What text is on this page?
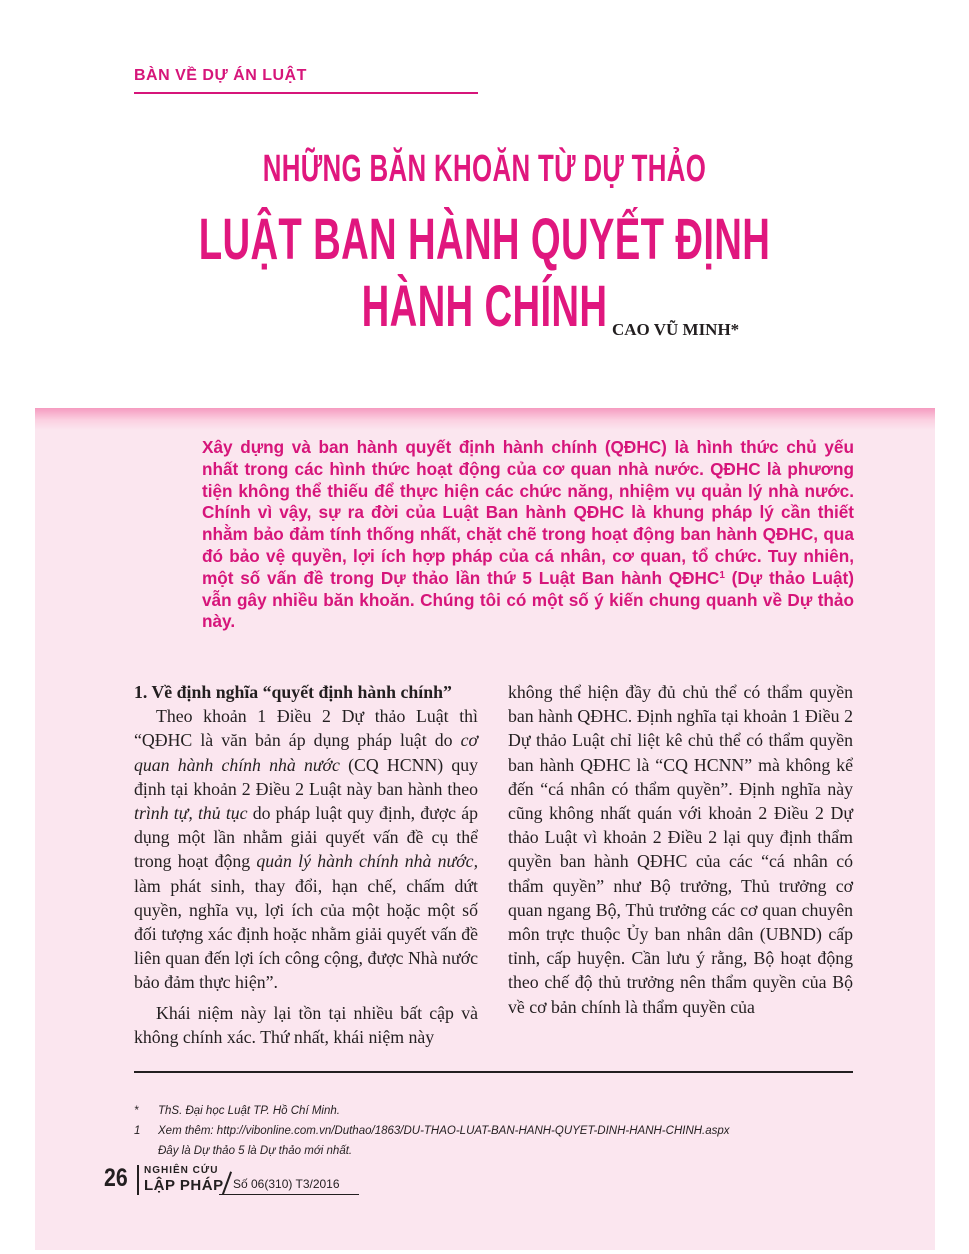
BÀN VỀ DỰ ÁN LUẬT
NHỮNG BĂN KHOĂN TỪ DỰ THẢO
LUẬT BAN HÀNH QUYẾT ĐỊNH HÀNH CHÍNH CAO VŨ MINH*
Xây dựng và ban hành quyết định hành chính (QĐHC) là hình thức chủ yếu nhất trong các hình thức hoạt động của cơ quan nhà nước. QĐHC là phương tiện không thể thiếu để thực hiện các chức năng, nhiệm vụ quản lý nhà nước. Chính vì vậy, sự ra đời của Luật Ban hành QĐHC là khung pháp lý cần thiết nhằm bảo đảm tính thống nhất, chặt chẽ trong hoạt động ban hành QĐHC, qua đó bảo vệ quyền, lợi ích hợp pháp của cá nhân, cơ quan, tổ chức. Tuy nhiên, một số vấn đề trong Dự thảo lần thứ 5 Luật Ban hành QĐHC$^1$ (Dự thảo Luật) vẫn gây nhiều băn khoăn. Chúng tôi có một số ý kiến chung quanh về Dự thảo này.
1. Về định nghĩa “quyết định hành chính”

Theo khoản 1 Điều 2 Dự thảo Luật thì “QĐHC là văn bản áp dụng pháp luật do cơ quan hành chính nhà nước (CQ HCNN) quy định tại khoản 2 Điều 2 Luật này ban hành theo trình tự, thủ tục do pháp luật quy định, được áp dụng một lần nhằm giải quyết vấn đề cụ thể trong hoạt động quản lý hành chính nhà nước, làm phát sinh, thay đổi, hạn chế, chấm dứt quyền, nghĩa vụ, lợi ích của một hoặc một số đối tượng xác định hoặc nhằm giải quyết vấn đề liên quan đến lợi ích công cộng, được Nhà nước bảo đảm thực hiện”.

Khái niệm này lại tồn tại nhiều bất cập và không chính xác. Thứ nhất, khái niệm này

không thể hiện đầy đủ chủ thể có thẩm quyền ban hành QĐHC. Định nghĩa tại khoản 1 Điều 2 Dự thảo Luật chỉ liệt kê chủ thể có thẩm quyền ban hành QĐHC là “CQ HCNN” mà không kể đến “cá nhân có thẩm quyền”. Định nghĩa này cũng không nhất quán với khoản 2 Điều 2 Dự thảo Luật vì khoản 2 Điều 2 lại quy định thẩm quyền ban hành QĐHC của các “cá nhân có thẩm quyền” như Bộ trưởng, Thủ trưởng cơ quan ngang Bộ, Thủ trưởng các cơ quan chuyên môn trực thuộc Ủy ban nhân dân (UBND) cấp tỉnh, cấp huyện. Cần lưu ý rằng, Bộ hoạt động theo chế độ thủ trưởng nên thẩm quyền của Bộ về cơ bản chính là thẩm quyền của

*	ThS. Đại học Luật TP. Hồ Chí Minh.
1	Xem thêm: http://vibonline.com.vn/Duthao/1863/DU-THAO-LUAT-BAN-HANH-QUYET-DINH-HANH-CHINH.aspx
Đây là Dự thảo 5 là Dự thảo mới nhất.
26 NGHIÊN CỨU
LẬP PHÁP Số 06(310) T3/2016
